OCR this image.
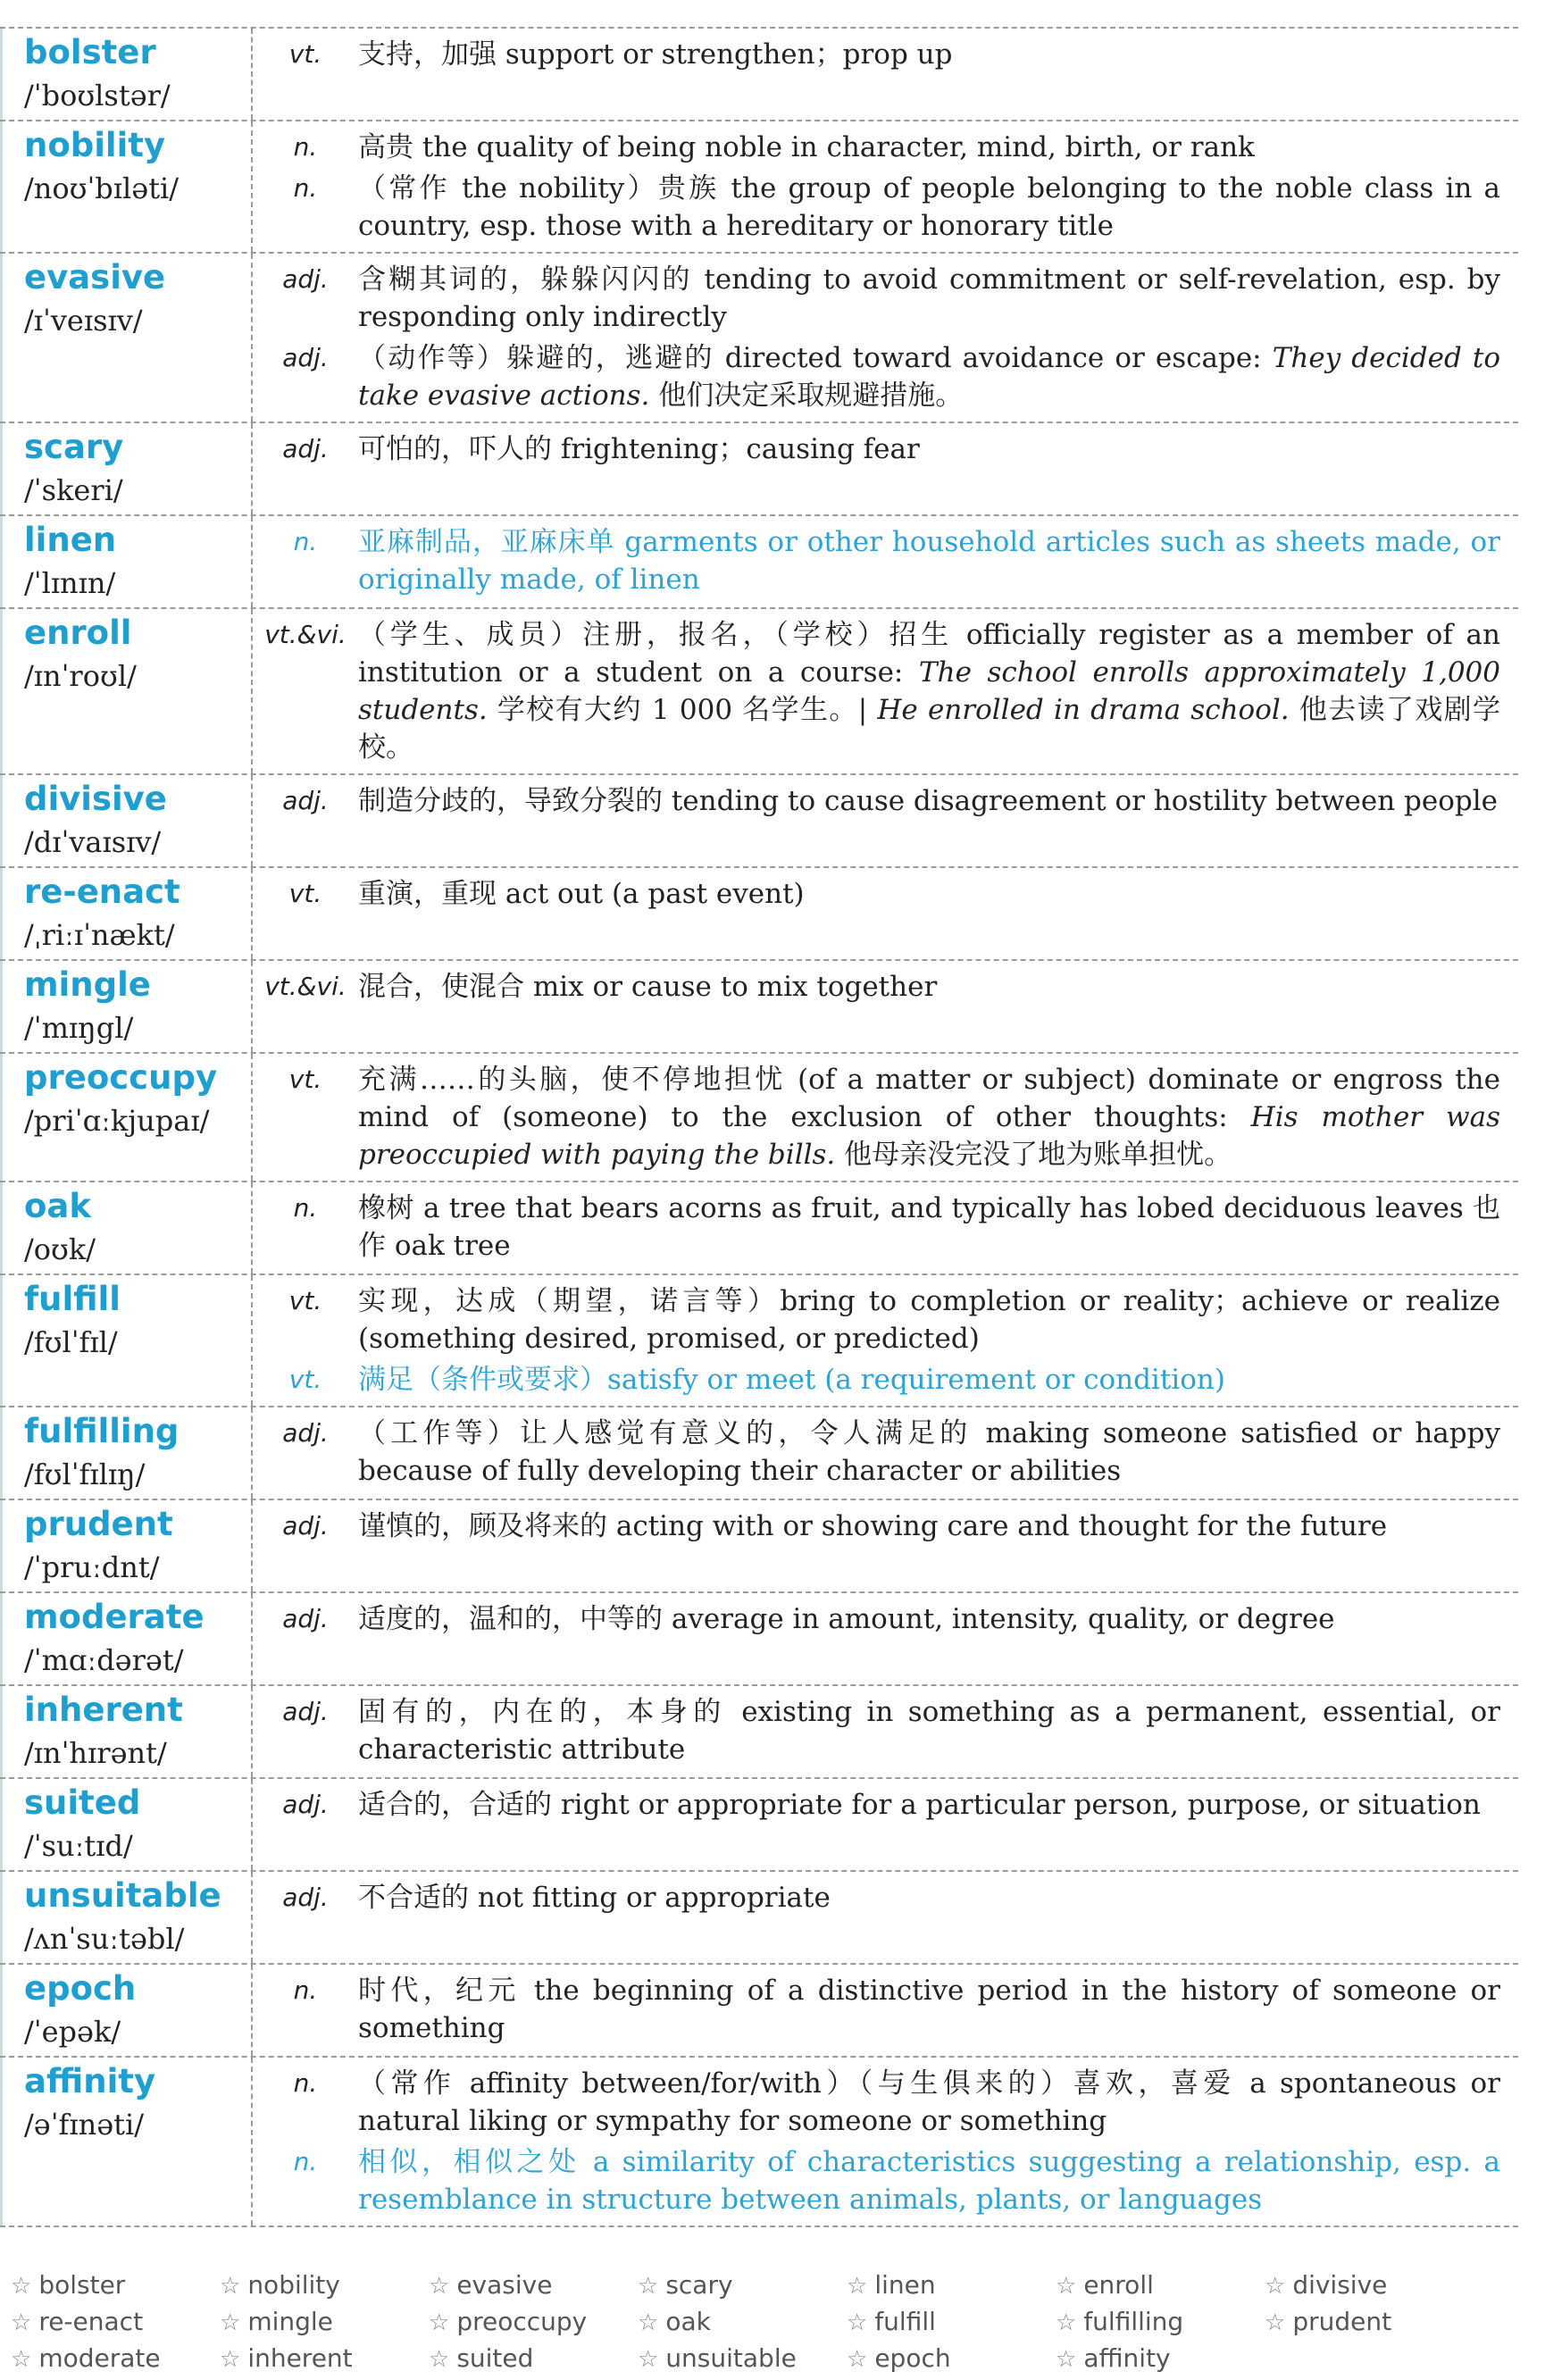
bolster
/ˈboʊlstər/
vt.	支持，加强 support or strengthen；prop up
nobility
/noʊˈbɪləti/
n.	高贵 the quality of being noble in character, mind, birth, or rank
n.	（常作 the nobility）贵族 the group of people belonging to the noble class in a country, esp. those with a hereditary or honorary title
evasive
/ɪˈveɪsɪv/
adj.	含糊其词的，躲躲闪闪的 tending to avoid commitment or self-revelation, esp. by responding only indirectly
adj.	（动作等）躲避的，逃避的 directed toward avoidance or escape: They decided to take evasive actions. 他们决定采取规避措施。
scary
/ˈskeri/
adj.	可怕的，吓人的 frightening；causing fear
linen
/ˈlɪnɪn/
n.	亚麻制品，亚麻床单 garments or other household articles such as sheets made, or originally made, of linen
enroll
/ɪnˈroʊl/
vt.&vi. （学生、成员）注册，报名，（学校）招生 officially register as a member of an institution or a student on a course: The school enrolls approximately 1,000 students. 学校有大约 1 000 名学生。| He enrolled in drama school. 他去读了戏剧学校。
divisive
/dɪˈvaɪsɪv/
adj.	制造分歧的，导致分裂的 tending to cause disagreement or hostility between people
re-enact
/ˌriːɪˈnækt/
vt.	重演，重现 act out (a past event)
mingle
/ˈmɪŋgl/
vt.&vi. 混合，使混合 mix or cause to mix together
preoccupy
/priˈɑːkjupaɪ/
vt.	充满……的头脑，使不停地担忧 (of a matter or subject) dominate or engross the mind of (someone) to the exclusion of other thoughts: His mother was preoccupied with paying the bills. 他母亲没完没了地为账单担忧。
oak
/oʊk/
n.	橡树 a tree that bears acorns as fruit, and typically has lobed deciduous leaves 也作 oak tree
fulfill
/fʊlˈfɪl/
vt.	实现，达成（期望，诺言等）bring to completion or reality；achieve or realize (something desired, promised, or predicted)
vt.	满足（条件或要求）satisfy or meet (a requirement or condition)
fulfilling
/fʊlˈfɪlɪŋ/
adj.	（工作等）让人感觉有意义的，令人满足的 making someone satisfied or happy because of fully developing their character or abilities
prudent
/ˈpruːdnt/
adj.	谨慎的，顾及将来的 acting with or showing care and thought for the future
moderate
/ˈmɑːdərət/
adj.	适度的，温和的，中等的 average in amount, intensity, quality, or degree
inherent
/ɪnˈhɪrənt/
adj.	固有的，内在的，本身的 existing in something as a permanent, essential, or characteristic attribute
suited
/ˈsuːtɪd/
adj.	适合的，合适的 right or appropriate for a particular person, purpose, or situation
unsuitable
/ʌnˈsuːtəbl/
adj.	不合适的 not fitting or appropriate
epoch
/ˈepək/
n.	时代，纪元 the beginning of a distinctive period in the history of someone or something
affinity
/əˈfɪnəti/
n.	（常作 affinity between/for/with）（与生俱来的）喜欢，喜爱 a spontaneous or natural liking or sympathy for someone or something
n.	相似，相似之处 a similarity of characteristics suggesting a relationship, esp. a resemblance in structure between animals, plants, or languages
☆ bolster	☆ nobility	☆ evasive	☆ scary	☆ linen	☆ enroll	☆ divisive
☆ re-enact	☆ mingle	☆ preoccupy	☆ oak	☆ fulfill	☆ fulfilling	☆ prudent
☆ moderate	☆ inherent	☆ suited	☆ unsuitable	☆ epoch	☆ affinity
